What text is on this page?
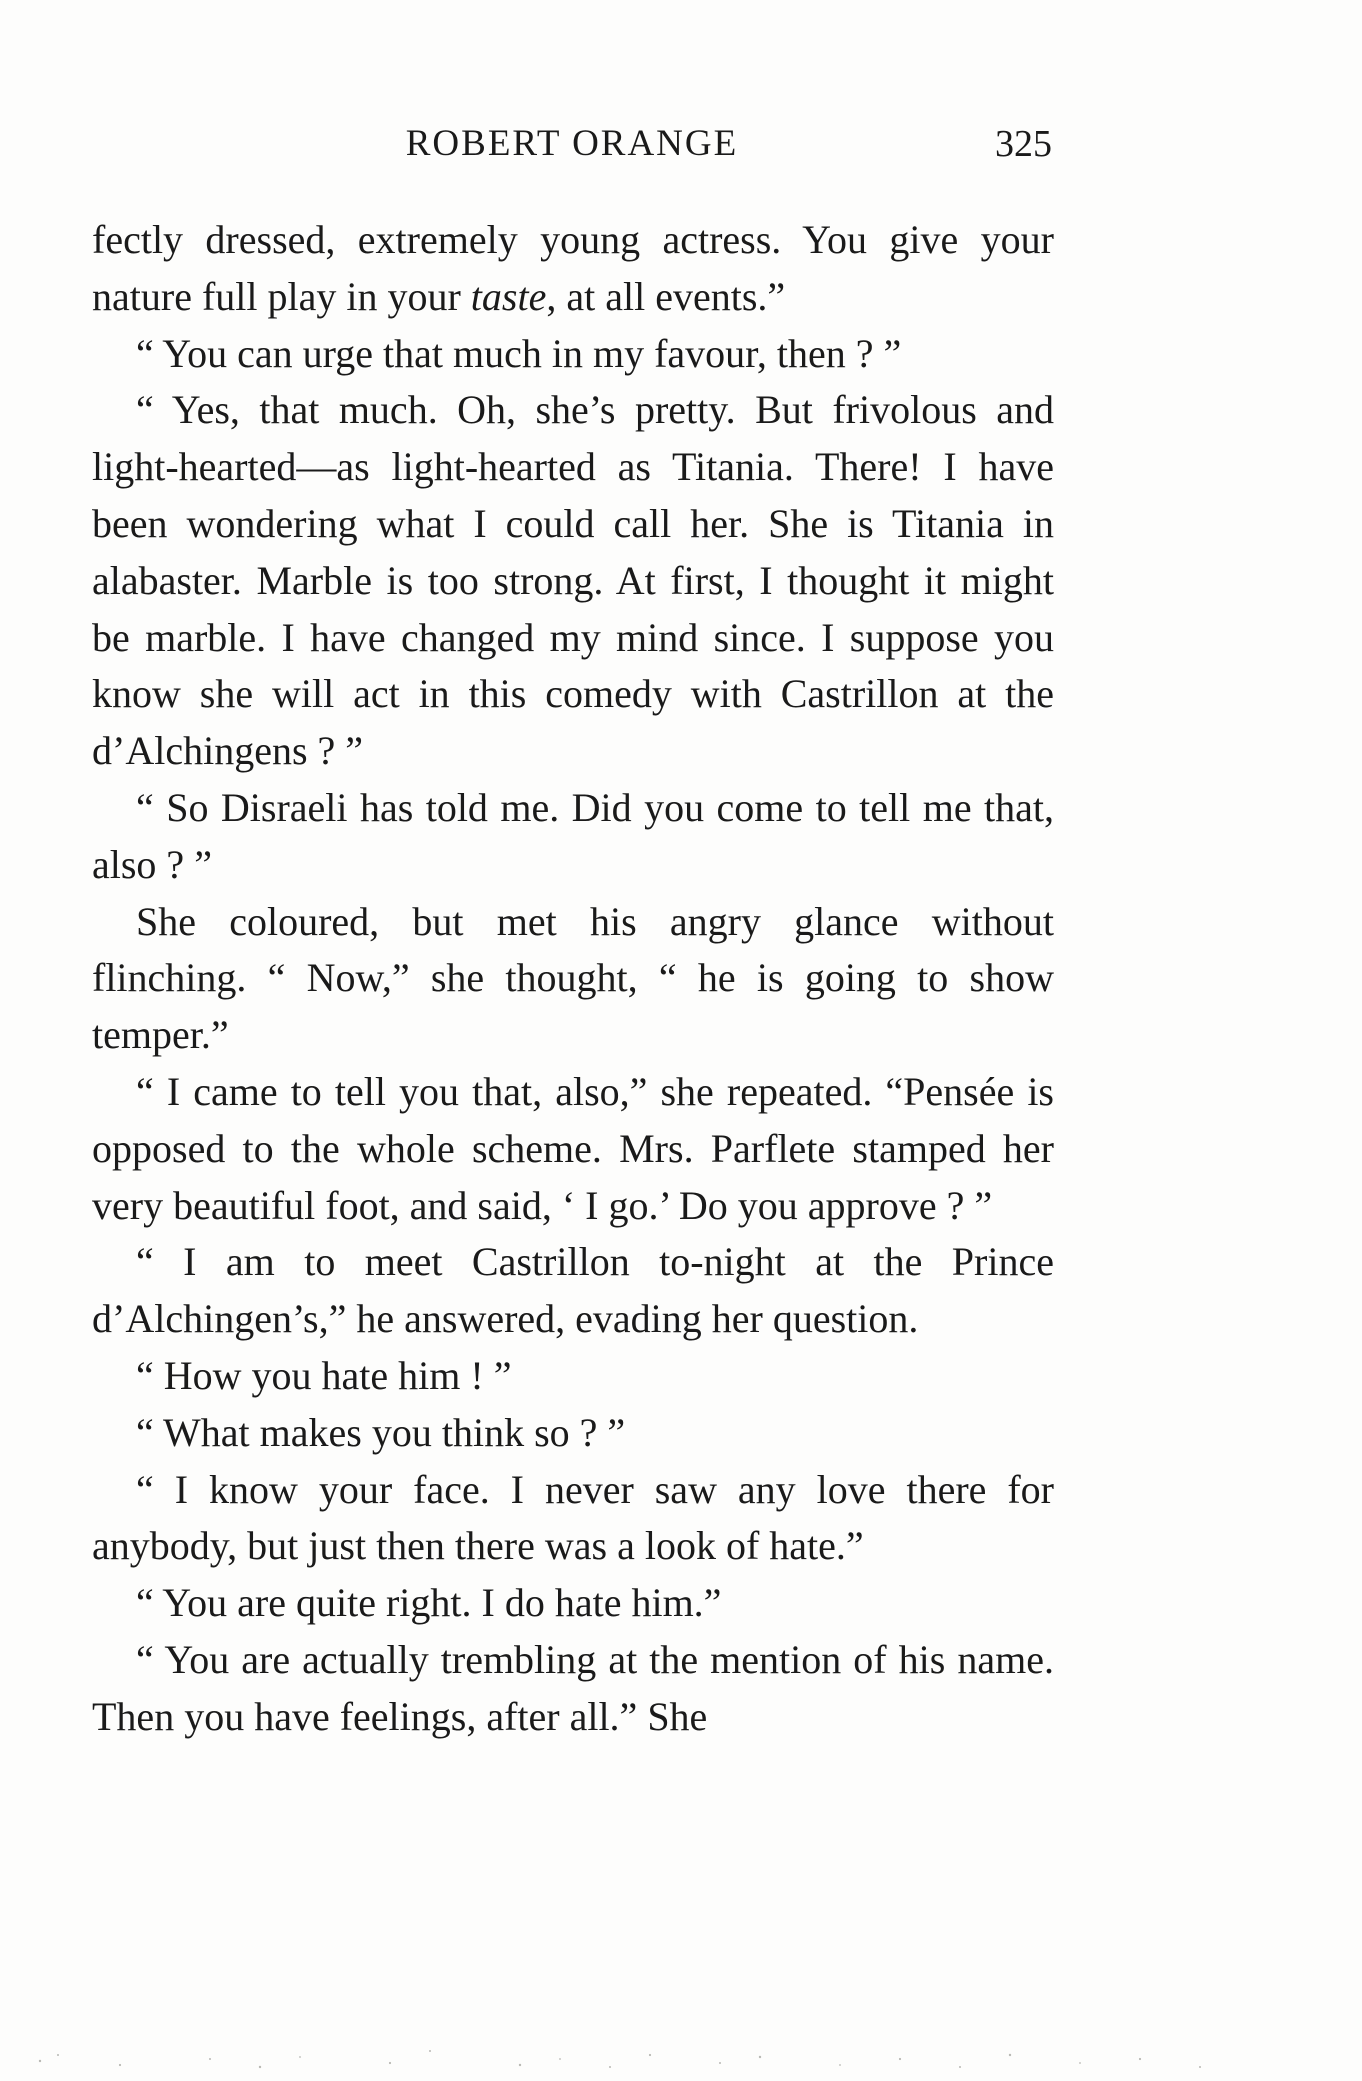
ROBERT ORANGE	325

fectly dressed, extremely young actress. You give your nature full play in your taste, at all events.”

“ You can urge that much in my favour, then ? ”

“ Yes, that much. Oh, she’s pretty. But frivolous and light-hearted—as light-hearted as Titania. There! I have been wondering what I could call her. She is Titania in alabaster. Marble is too strong. At first, I thought it might be marble. I have changed my mind since. I suppose you know she will act in this comedy with Castrillon at the d’Alchingens ? ”

“ So Disraeli has told me. Did you come to tell me that, also ? ”

She coloured, but met his angry glance without flinching. “ Now,” she thought, “ he is going to show temper.”

“ I came to tell you that, also,” she repeated. “Pensée is opposed to the whole scheme. Mrs. Parflete stamped her very beautiful foot, and said, ‘ I go.’ Do you approve ? ”

“ I am to meet Castrillon to-night at the Prince d’Alchingen’s,” he answered, evading her question.

“ How you hate him ! ”

“ What makes you think so ? ”

“ I know your face. I never saw any love there for anybody, but just then there was a look of hate.”

“ You are quite right. I do hate him.”

“ You are actually trembling at the mention of his name. Then you have feelings, after all.” She
